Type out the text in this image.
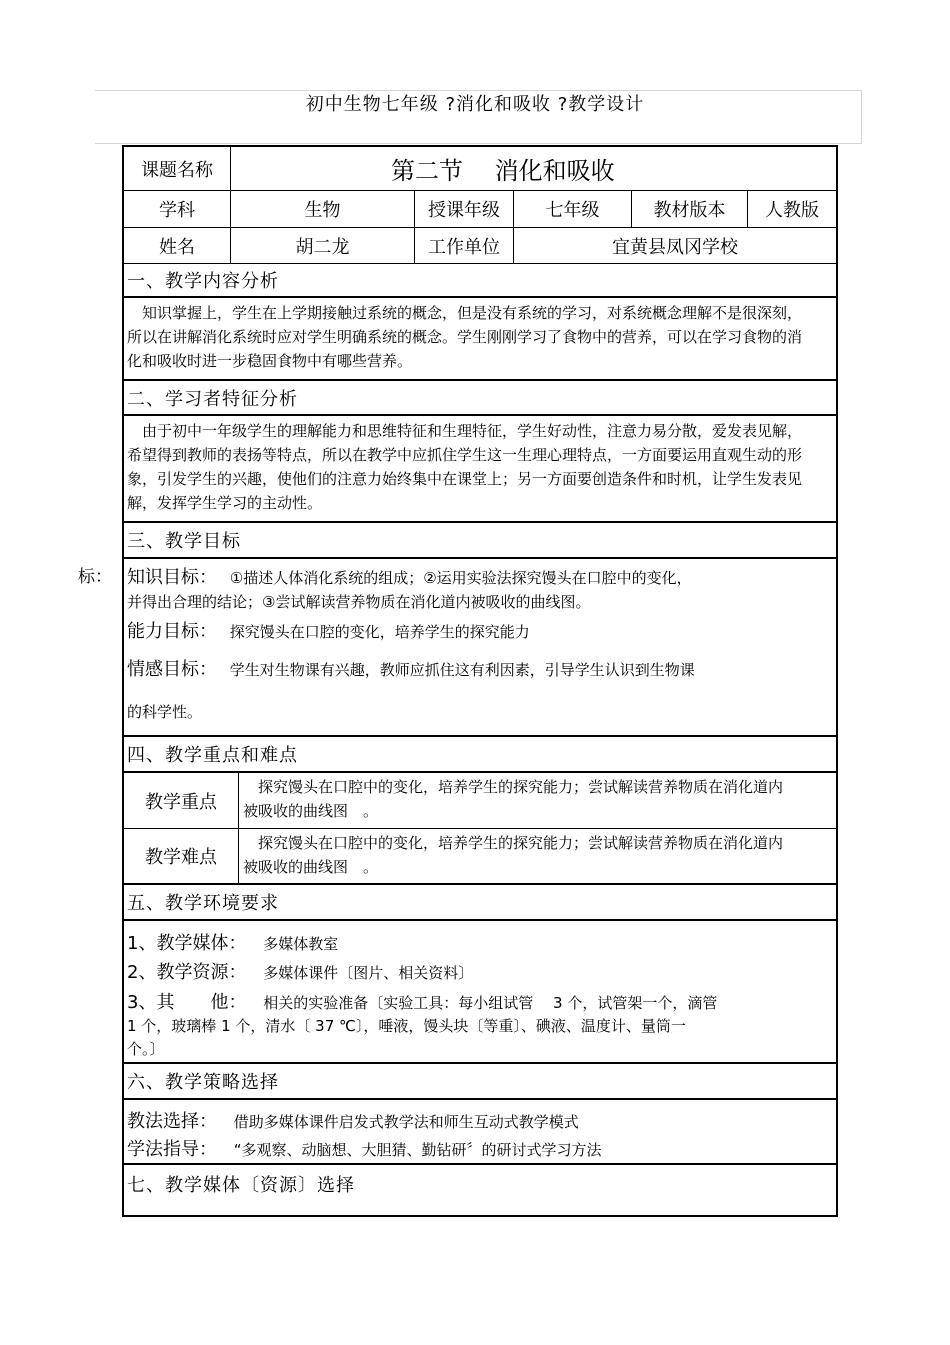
初中生物七年级 ?消化和吸收 ?教学设计
标：
课题名称	第二节　 消化和吸收
学科	生物	授课年级	七年级	教材版本	人教版
姓名	胡二龙	工作单位	宜黄县凤冈学校
一、教学内容分析
知识掌握上，学生在上学期接触过系统的概念，但是没有系统的学习，对系统概念理解不是很深刻，所以在讲解消化系统时应对学生明确系统的概念。学生刚刚学习了食物中的营养，可以在学习食物的消化和吸收时进一步稳固食物中有哪些营养。
二、学习者特征分析
由于初中一年级学生的理解能力和思维特征和生理特征，学生好动性，注意力易分散，爱发表见解，希望得到教师的表扬等特点，所以在教学中应抓住学生这一生理心理特点，一方面要运用直观生动的形象，引发学生的兴趣，使他们的注意力始终集中在课堂上；另一方面要创造条件和时机，让学生发表见解，发挥学生学习的主动性。
三、教学目标
知识目标： ①描述人体消化系统的组成；②运用实验法探究馒头在口腔中的变化，
并得出合理的结论；③尝试解读营养物质在消化道内被吸收的曲线图。
能力目标： 探究馒头在口腔的变化，培养学生的探究能力
情感目标： 学生对生物课有兴趣，教师应抓住这有利因素，引导学生认识到生物课
的科学性。
四、教学重点和难点
教学重点
探究馒头在口腔中的变化，培养学生的探究能力；尝试解读营养物质在消化道内被吸收的曲线图　。
教学难点
探究馒头在口腔中的变化，培养学生的探究能力；尝试解读营养物质在消化道内被吸收的曲线图　。
五、教学环境要求
1、教学媒体： 多媒体教室
2、教学资源： 多媒体课件〔图片、相关资料〕
3、其　　他： 相关的实验准备〔实验工具：每小组试管　 3 个，试管架一个，滴管
1 个，玻璃棒 1 个，清水〔 37 ℃〕，唾液，馒头块〔等重〕、碘液、温度计、量筒一
个。〕
六、教学策略选择
教法选择： 借助多媒体课件启发式教学法和师生互动式教学模式
学法指导： “多观察、动脑想、大胆猜、勤钻研〞的研讨式学习方法
七、教学媒体〔资源〕选择
